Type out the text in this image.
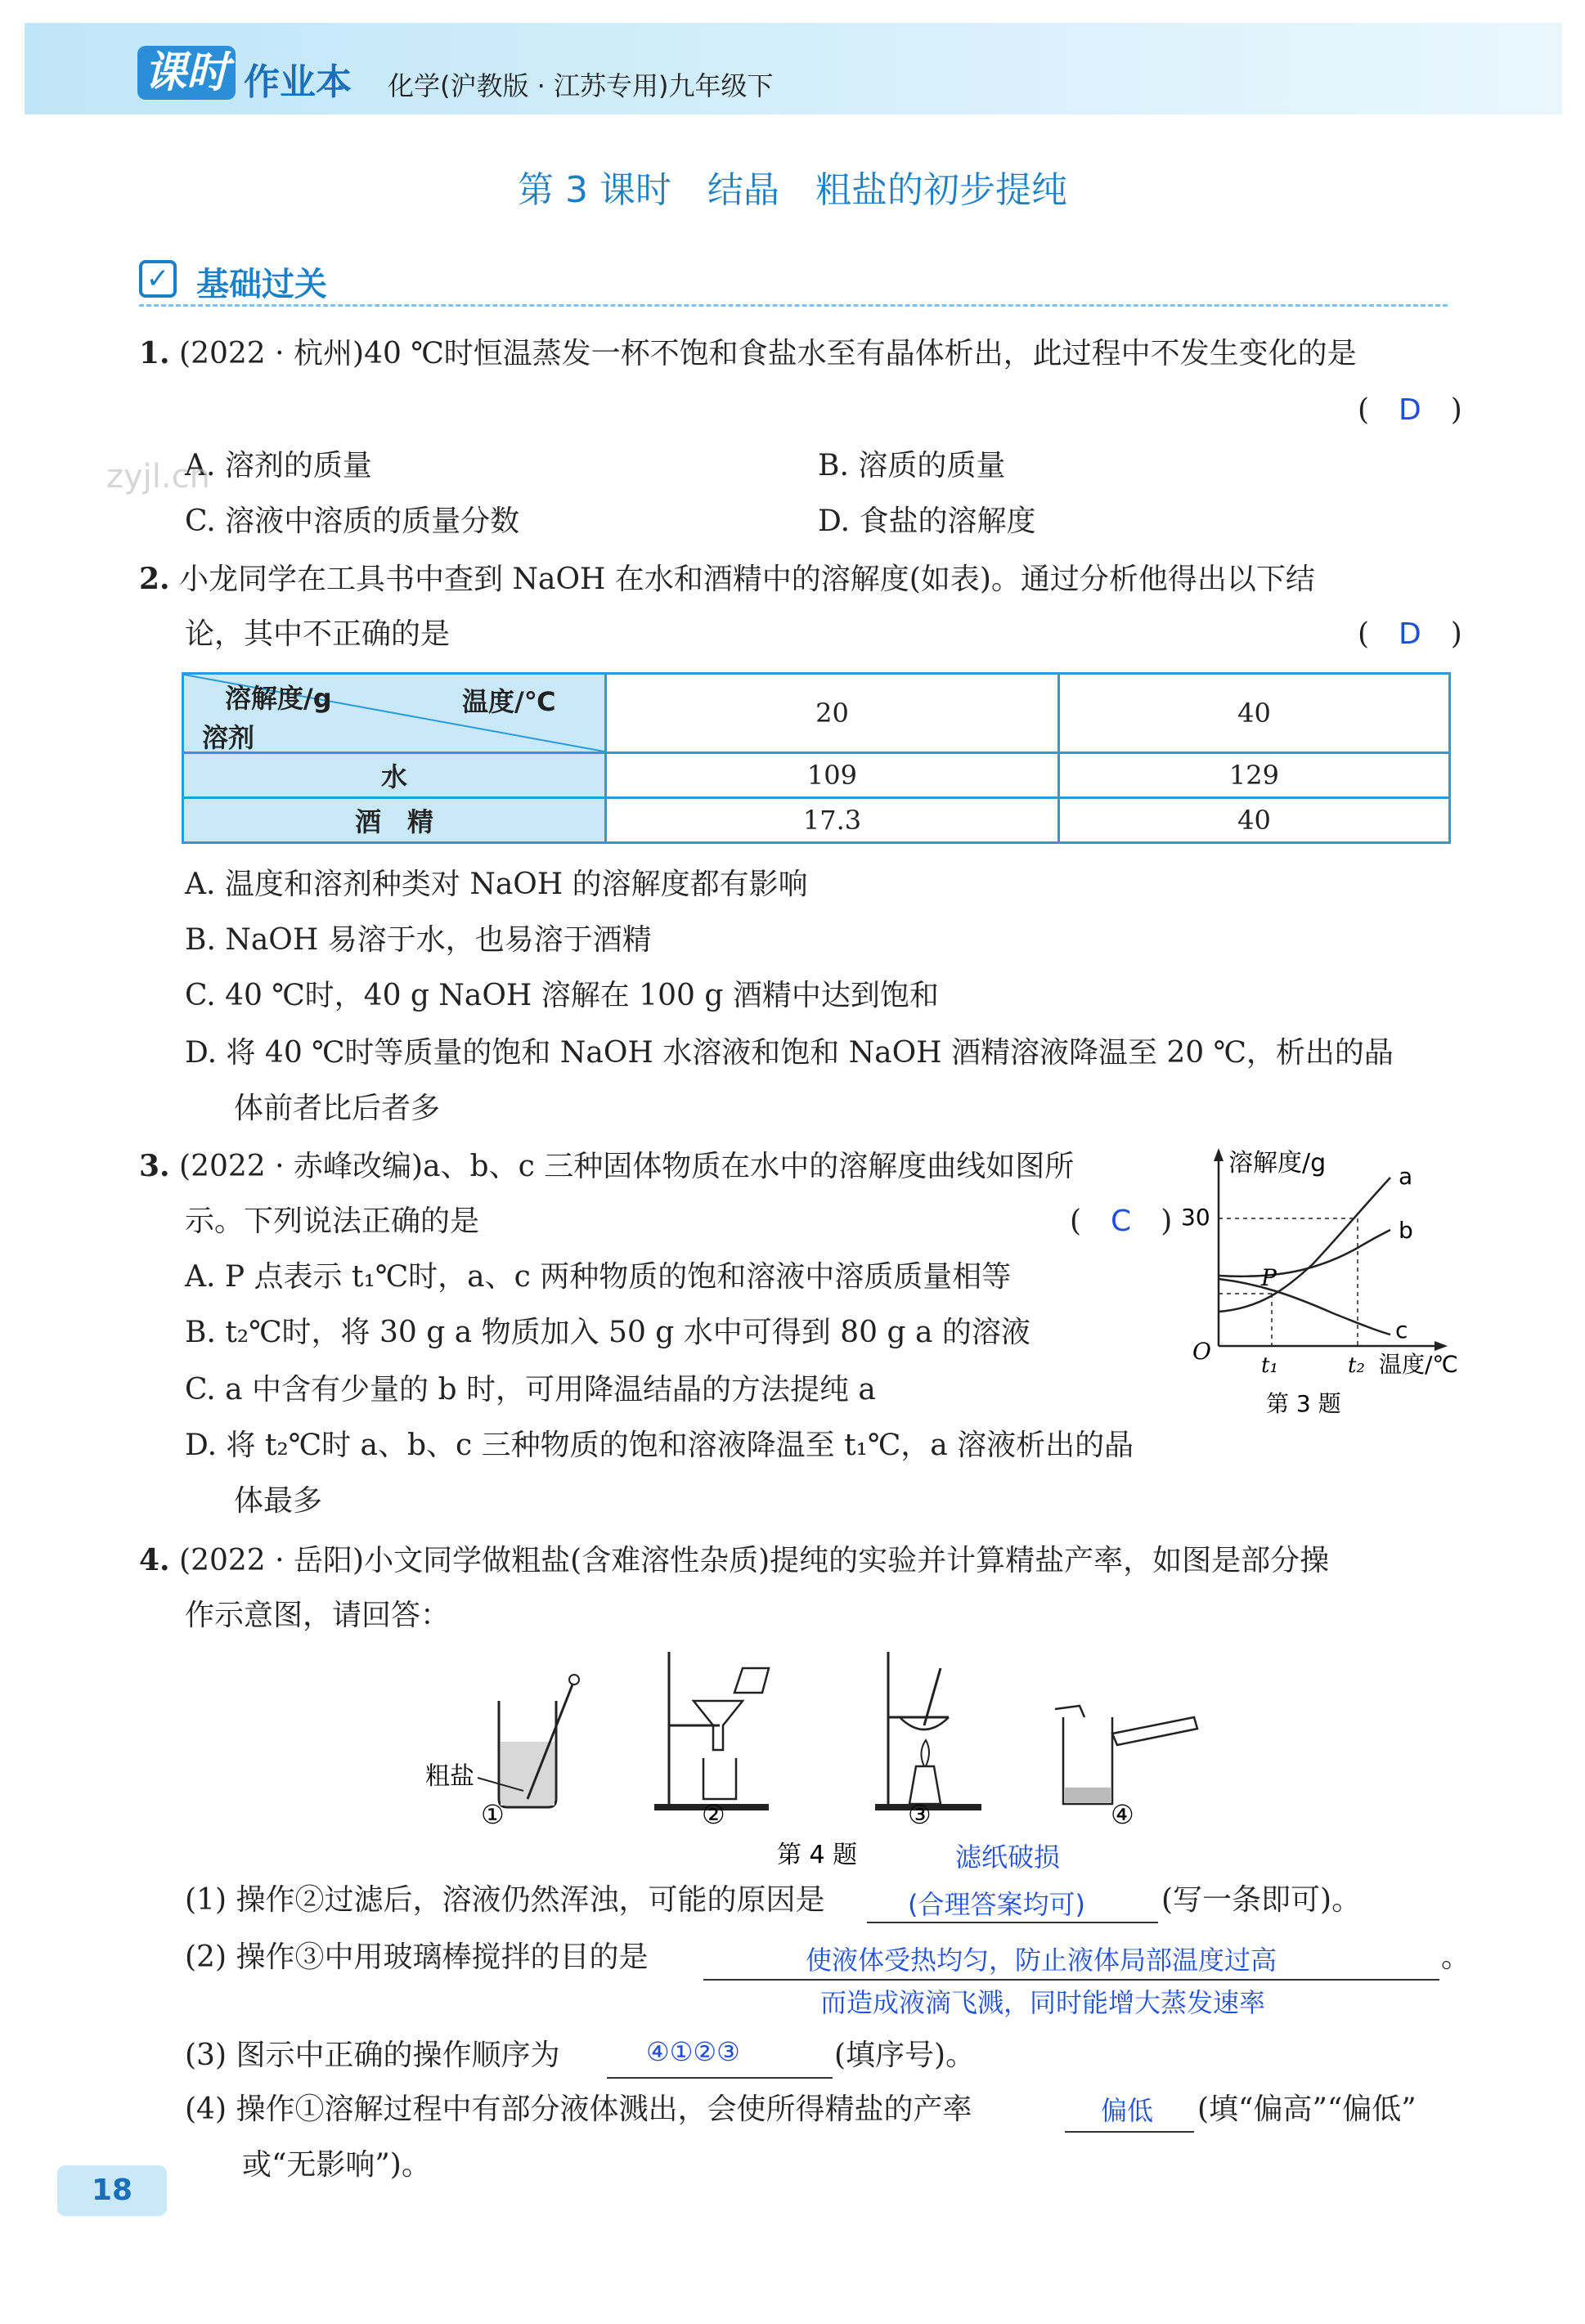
课时 作业本 化学(沪教版 · 江苏专用)九年级下
第 3 课时　结晶　粗盐的初步提纯
✓ 基础过关
1. (2022 · 杭州)40 ℃时恒温蒸发一杯不饱和食盐水至有晶体析出，此过程中不发生变化的是
(　D　)
A. 溶剂的质量	B. 溶质的质量
C. 溶液中溶质的质量分数	D. 食盐的溶解度
2. 小龙同学在工具书中查到 NaOH 在水和酒精中的溶解度(如表)。通过分析他得出以下结
论，其中不正确的是	(　D　)
溶解度/g 温度/℃
溶剂	20	40
水	109	129
酒　精	17.3	40
A. 温度和溶剂种类对 NaOH 的溶解度都有影响
B. NaOH 易溶于水，也易溶于酒精
C. 40 ℃时，40 g NaOH 溶解在 100 g 酒精中达到饱和
D. 将 40 ℃时等质量的饱和 NaOH 水溶液和饱和 NaOH 酒精溶液降温至 20 ℃，析出的晶
体前者比后者多
3. (2022 · 赤峰改编)a、b、c 三种固体物质在水中的溶解度曲线如图所
示。下列说法正确的是	(　C　)
A. P 点表示 t₁℃时，a、c 两种物质的饱和溶液中溶质质量相等
B. t₂℃时，将 30 g a 物质加入 50 g 水中可得到 80 g a 的溶液
C. a 中含有少量的 b 时，可用降温结晶的方法提纯 a
D. 将 t₂℃时 a、b、c 三种物质的饱和溶液降温至 t₁℃，a 溶液析出的晶
体最多
溶解度/g
30
a
b
c
P
O
t₁	t₂ 温度/℃
第 3 题
4. (2022 · 岳阳)小文同学做粗盐(含难溶性杂质)提纯的实验并计算精盐产率，如图是部分操
作示意图，请回答：
粗盐
①	②	③	④
第 4 题	滤纸破损
(1) 操作②过滤后，溶液仍然浑浊，可能的原因是	(合理答案均可)	(写一条即可)。
(2) 操作③中用玻璃棒搅拌的目的是	使液体受热均匀，防止液体局部温度过高
而造成液滴飞溅，同时能增大蒸发速率
。
(3) 图示中正确的操作顺序为	④①②③	(填序号)。
(4) 操作①溶解过程中有部分液体溅出，会使所得精盐的产率	偏低 (填“偏高”“偏低”
或“无影响”)。
18
zyjl.cn
